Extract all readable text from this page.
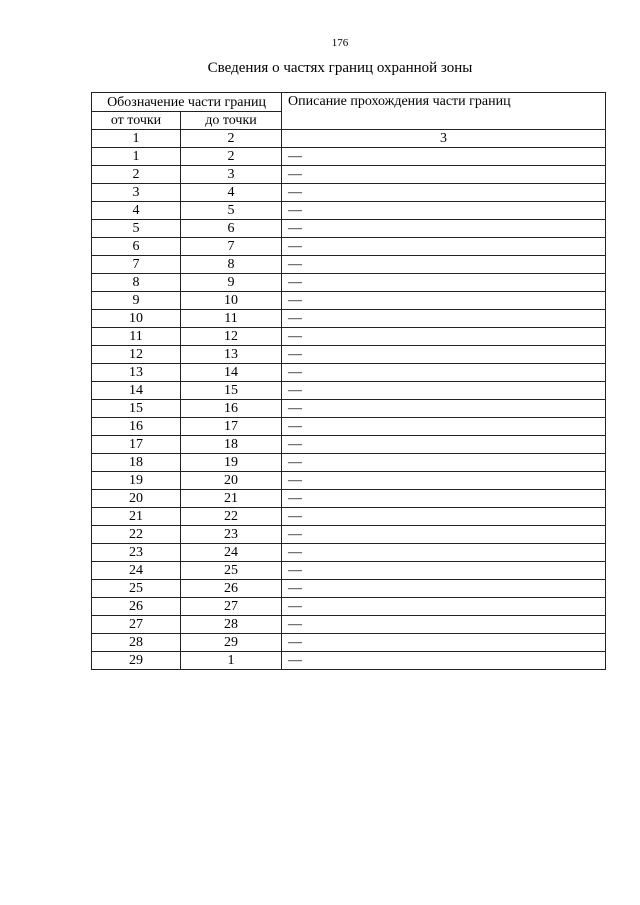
176
Сведения о частях границ охранной зоны
Обозначение части границ		Описание прохождения части границ
от точки	до точки	
1	2	3
1	2	—
2	3	—
3	4	—
4	5	—
5	6	—
6	7	—
7	8	—
8	9	—
9	10	—
10	11	—
11	12	—
12	13	—
13	14	—
14	15	—
15	16	—
16	17	—
17	18	—
18	19	—
19	20	—
20	21	—
21	22	—
22	23	—
23	24	—
24	25	—
25	26	—
26	27	—
27	28	—
28	29	—
29	1	—
